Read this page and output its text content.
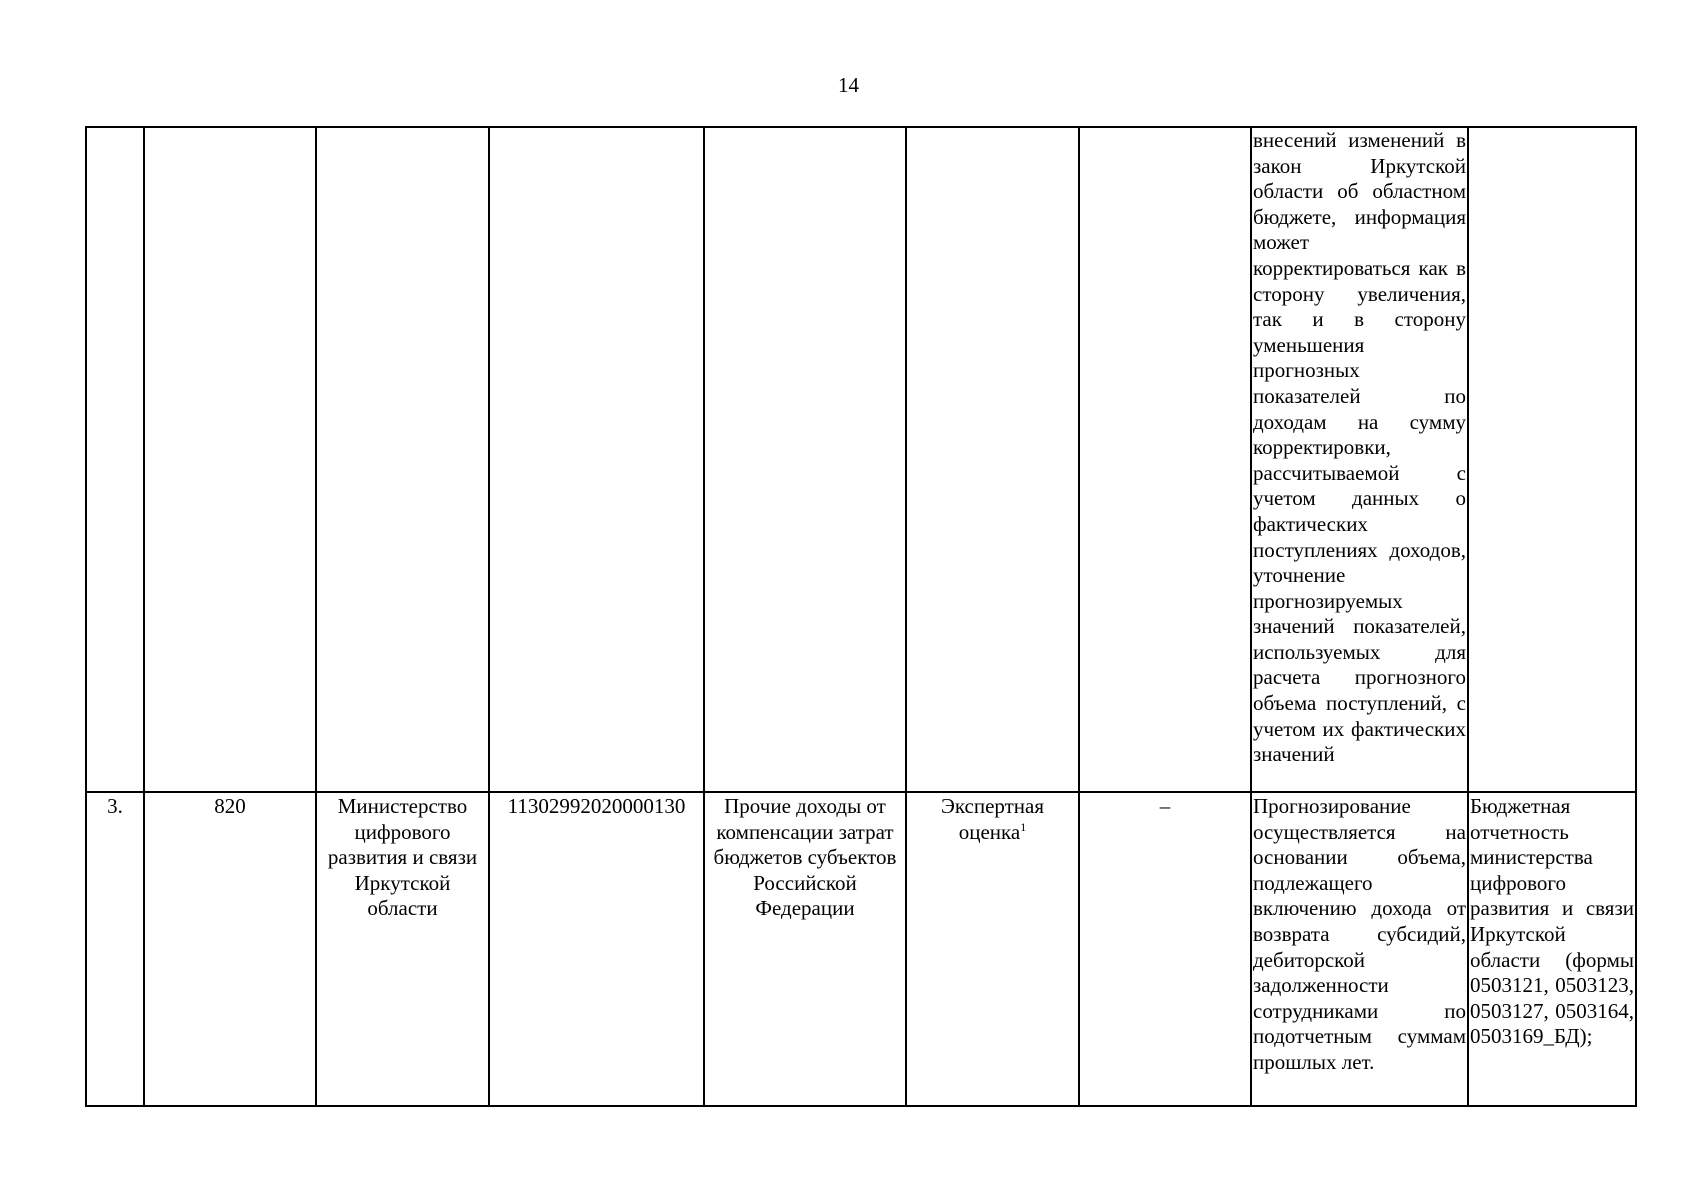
14

							внесений изменений в закон Иркутской области об областном бюджете, информация может корректироваться как в сторону увеличения, так и в сторону уменьшения прогнозных показателей по доходам на сумму корректировки, рассчитываемой с учетом данных о фактических поступлениях доходов, уточнение прогнозируемых значений показателей, используемых для расчета прогнозного объема поступлений, с учетом их фактических значений	

3.	820	Министерство цифрового развития и связи Иркутской области	11302992020000130	Прочие доходы от компенсации затрат бюджетов субъектов Российской Федерации	Экспертная оценка$^1$	–	Прогнозирование осуществляется на основании объема, подлежащего включению дохода от возврата субсидий, дебиторской задолженности сотрудниками по подотчетным суммам прошлых лет.	Бюджетная отчетность министерства цифрового развития и связи Иркутской области (формы 0503121, 0503123, 0503127, 0503164, 0503169_БД);
